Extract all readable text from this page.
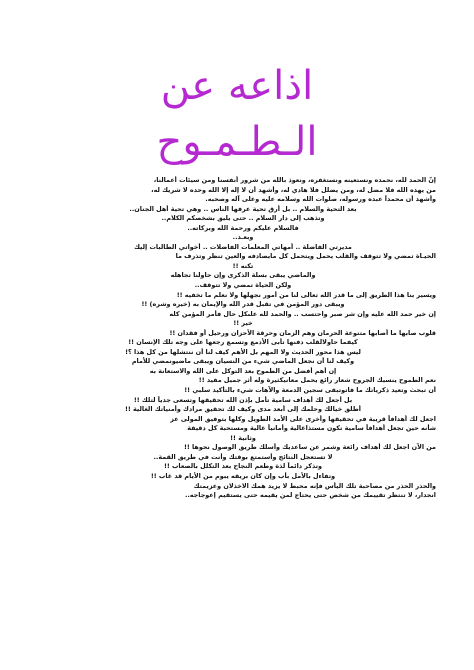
اذاعه عن
الـطـمـوح

إنّ الحمد لله، نحمده ونستعينه ونستغفره، ونعوذ بالله من شرور أنفسنا ومن سيئات أعمالنا،

من يهده الله فلا مضل له، ومن يضلل فلا هادي له، وأشهد أن لا إله إلا الله وحده لا شريك له،

وأشهد أن محمداً عبده ورسوله، صلوات الله وسلامه عليه وعلى آله وصحبه.

بعد التحية والسلام .. بل أرق تحية عرفها الناس .. وهي تحية أهل الجنان..

وتذهب إلى دار السلام .. حتى يليق بشخصكم الكلام..

فالسلام عليكم ورحمة الله وبركاته..

وبعـد..

مديرتي الفاضلة .. أمهاتي المعلمات الفاضلات .. أخواتي الطالبات إليك

الحيـاة تمضي ولا تتوقف والقلب يحمل ويتحمل كل مايصادفه والعين تنظر وتذرف ما

تكنه !!

والماضي يبقى بسلة الذكرى وإن حاولنا تجاهله

ولكن الحياة تمضي ولا تتوقف..

ويسير بنا هذا الطريق إلى ما قدر الله تعالى لنا من أمور نجهلها ولا نعلم ما تخفيه !!

ويبقى دور المؤمن في تقبل قدر الله والإيمان به (خيره وشره) !!

إن خير حمد الله عليه وإن شر صبر واحتسب .. والحمد لله علىكل حال فأمر المؤمن كله

خير !!

قلوب صابها ما أصابها متنوعة الحرمان وهم الزمان وحرقة الأحزان ورحيل أو فقدان !!

كيفما حاولالقلب دفنها تأبى الأدمع وتسمع رجعها على وجه تلك الإنسان !!

ليس هذا محور الحديث ولا المهم بل الأهم كيف لنا أن ننتشلها من كل هذا ؟!

وكيف لنا أن نجعل الماضي شيء من النسيان ويبقى ماضيونمضي للأمام

إن أهم أفضل من الطموح بعد التوكل على الله والاستعانة به

نعم الطموح ينسيك الجروح شعار رائع يحمل معانيكثيرة وله أثر جميل مفيد !!

أن تبحث وتعيد ذكرياتك ما فاتوتبقى سجين الدمعة والآهات شيء بالتأكيد سلبي !!

بل أجعل لك أهداف سامية تأمل بإذن الله تحقيقها وتسعى جدياً لتلك !!

أطلق خيالك وحلمك إلى أبعد مدى وكيف لك تحقيق مرادك وأمنياتك الغالية !!

اجعل لك أهدافاً قريبة في تحقيقها وأخرى على الأمد الطويل وكلها بتوفيق المولى عز

شأنه حين تجعل أهدافاً سامية تكون مستذاغالية وأمانياً غالية ومستحبة كل دقيقة

وثانية !!

من الآن اجعل لك أهداف رائعة وشمر عن ساعديك وأسلك طريق الوصول نحوها !!

لا تستعجل النتائج وأستمتع بوقتك وأنت في طريق القمة..

وتذكر دائماً لذة وطعم النجاح بعد التكلل بالصعاب !!

وتفاءل بالأمل بأب وإن كان بريقه يبوم من الأيام قد غاب !!

والحذر الحذر من مصاحبة تلك اليأس فإنه محبط لا يزيد همك الاخذلان وعزيمتك

انحدار، لا تنتظر تقييمك من شخص حتى يحتاج لمن يقيمه حتى يستقيم إعوجاجه..
